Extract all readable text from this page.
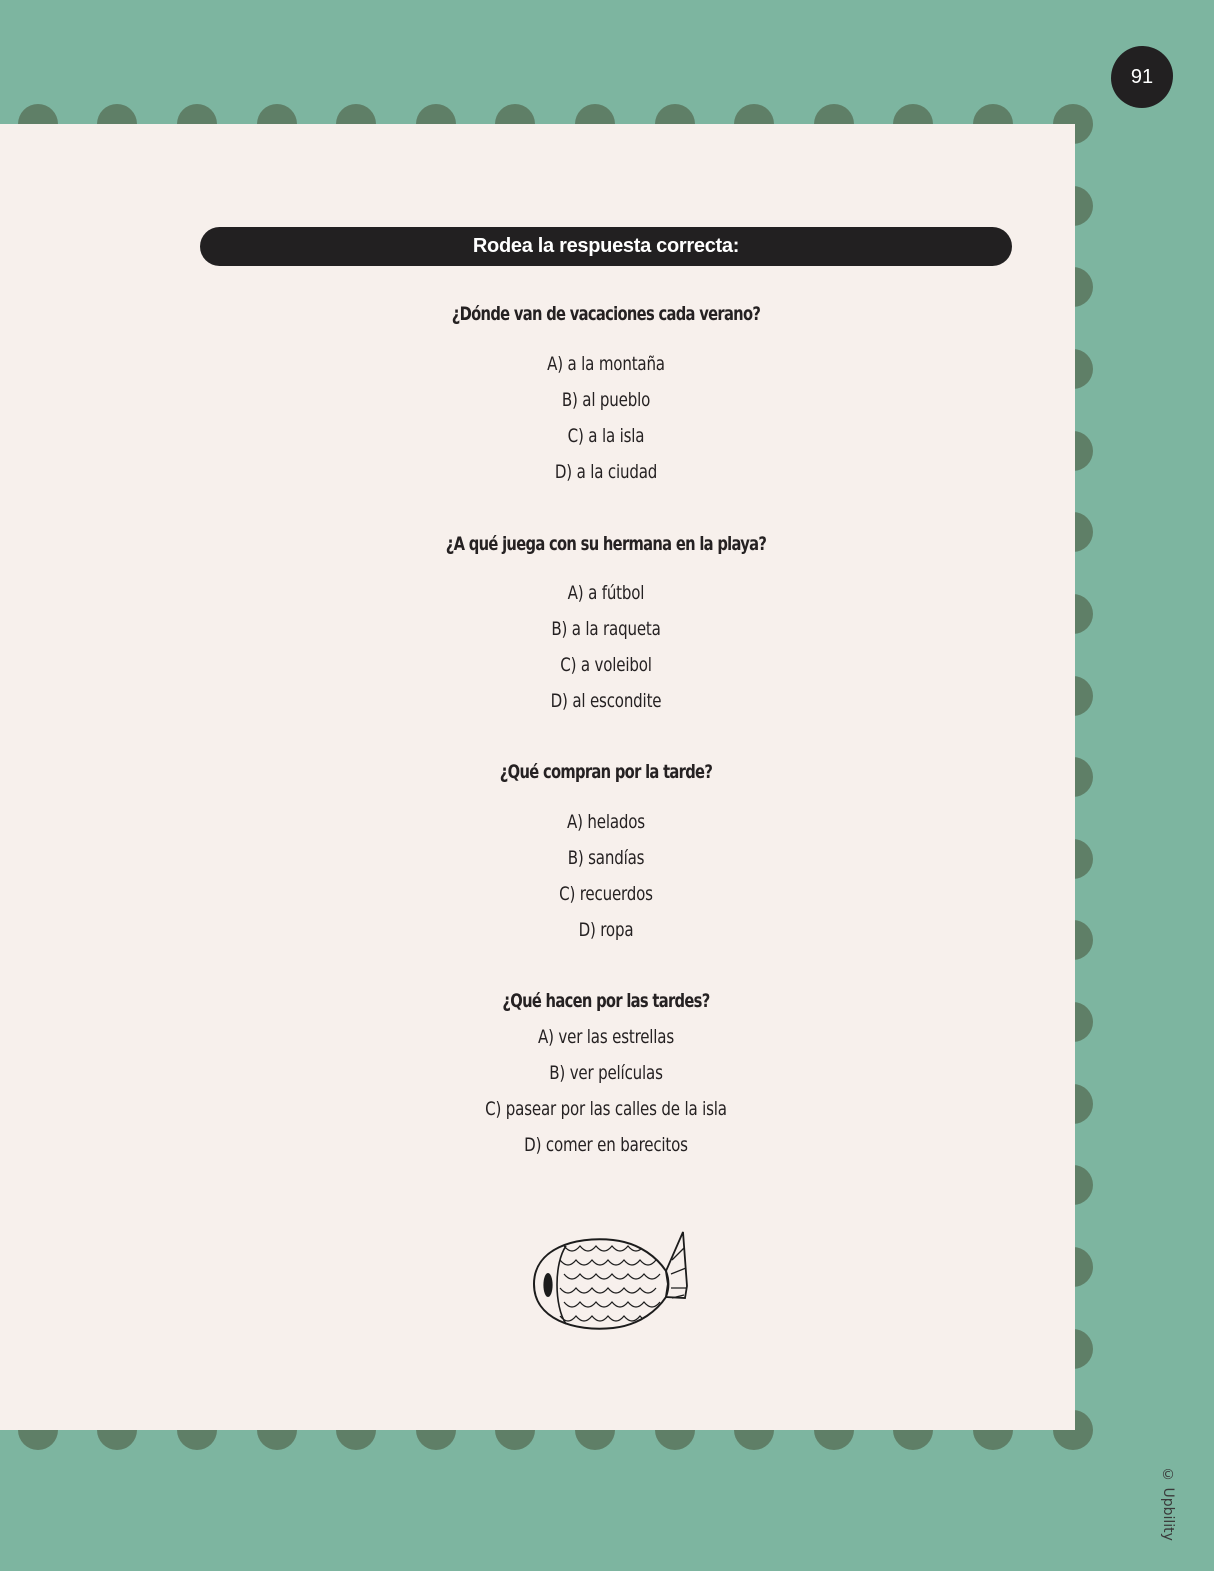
91
© Upbility
Rodea la respuesta correcta:
¿Dónde van de vacaciones cada verano?
A) a la montaña
B) al pueblo
C) a la isla
D) a la ciudad
¿A qué juega con su hermana en la playa?
A) a fútbol
B) a la raqueta
C) a voleibol
D) al escondite
¿Qué compran por la tarde?
A) helados
B) sandías
C) recuerdos
D) ropa
¿Qué hacen por las tardes?
A) ver las estrellas
B) ver películas
C) pasear por las calles de la isla
D) comer en barecitos
